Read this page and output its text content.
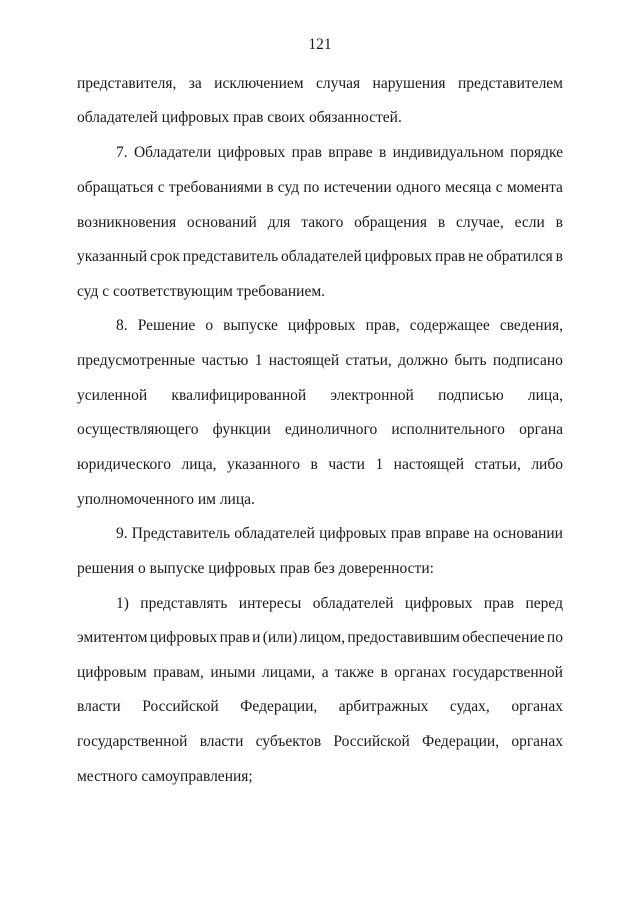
121
представителя, за исключением случая нарушения представителем
обладателей цифровых прав своих обязанностей.
7. Обладатели цифровых прав вправе в индивидуальном порядке
обращаться с требованиями в суд по истечении одного месяца с момента
возникновения оснований для такого обращения в случае, если в
указанный срок представитель обладателей цифровых прав не обратился в
суд с соответствующим требованием.
8. Решение о выпуске цифровых прав, содержащее сведения,
предусмотренные частью 1 настоящей статьи, должно быть подписано
усиленной квалифицированной электронной подписью лица,
осуществляющего функции единоличного исполнительного органа
юридического лица, указанного в части 1 настоящей статьи, либо
уполномоченного им лица.
9. Представитель обладателей цифровых прав вправе на основании
решения о выпуске цифровых прав без доверенности:
1) представлять интересы обладателей цифровых прав перед
эмитентом цифровых прав и (или) лицом, предоставившим обеспечение по
цифровым правам, иными лицами, а также в органах государственной
власти Российской Федерации, арбитражных судах, органах
государственной власти субъектов Российской Федерации, органах
местного самоуправления;
